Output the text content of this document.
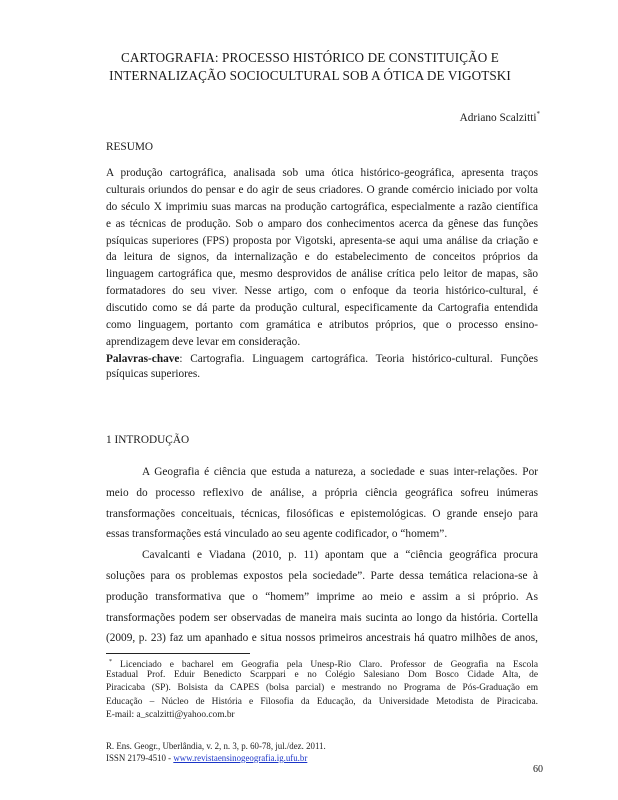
CARTOGRAFIA: PROCESSO HISTÓRICO DE CONSTITUIÇÃO E
INTERNALIZAÇÃO SOCIOCULTURAL SOB A ÓTICA DE VIGOTSKI
Adriano Scalzitti*
RESUMO
A produção cartográfica, analisada sob uma ótica histórico-geográfica, apresenta traços
culturais oriundos do pensar e do agir de seus criadores. O grande comércio iniciado por volta
do século X imprimiu suas marcas na produção cartográfica, especialmente a razão científica
e as técnicas de produção. Sob o amparo dos conhecimentos acerca da gênese das funções
psíquicas superiores (FPS) proposta por Vigotski, apresenta-se aqui uma análise da criação e
da leitura de signos, da internalização e do estabelecimento de conceitos próprios da
linguagem cartográfica que, mesmo desprovidos de análise crítica pelo leitor de mapas, são
formatadores do seu viver. Nesse artigo, com o enfoque da teoria histórico-cultural, é
discutido como se dá parte da produção cultural, especificamente da Cartografia entendida
como linguagem, portanto com gramática e atributos próprios, que o processo ensino-
aprendizagem deve levar em consideração.
Palavras-chave: Cartografia. Linguagem cartográfica. Teoria histórico-cultural. Funções
psíquicas superiores.
1 INTRODUÇÃO
A Geografia é ciência que estuda a natureza, a sociedade e suas inter-relações. Por
meio do processo reflexivo de análise, a própria ciência geográfica sofreu inúmeras
transformações conceituais, técnicas, filosóficas e epistemológicas. O grande ensejo para
essas transformações está vinculado ao seu agente codificador, o “homem”.
Cavalcanti e Viadana (2010, p. 11) apontam que a “ciência geográfica procura
soluções para os problemas expostos pela sociedade”. Parte dessa temática relaciona-se à
produção transformativa que o “homem” imprime ao meio e assim a si próprio. As
transformações podem ser observadas de maneira mais sucinta ao longo da história. Cortella
(2009, p. 23) faz um apanhado e situa nossos primeiros ancestrais há quatro milhões de anos,
* Licenciado e bacharel em Geografia pela Unesp-Rio Claro. Professor de Geografia na Escola
Estadual Prof. Eduir Benedicto Scarppari e no Colégio Salesiano Dom Bosco Cidade Alta, de
Piracicaba (SP). Bolsista da CAPES (bolsa parcial) e mestrando no Programa de Pós-Graduação em
Educação – Núcleo de História e Filosofia da Educação, da Universidade Metodista de Piracicaba.
E-mail: a_scalzitti@yahoo.com.br
R. Ens. Geogr., Uberlândia, v. 2, n. 3, p. 60-78, jul./dez. 2011.
ISSN 2179-4510 - www.revistaensinogeografia.ig.ufu.br
60
